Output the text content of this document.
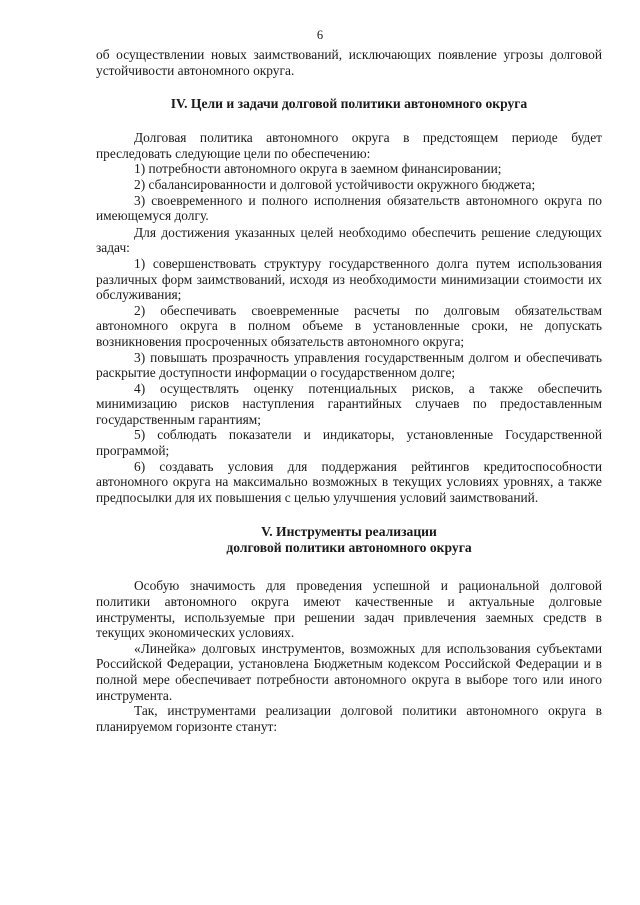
6

об осуществлении новых заимствований, исключающих появление угрозы долговой устойчивости автономного округа.

IV. Цели и задачи долговой политики автономного округа

Долговая политика автономного округа в предстоящем периоде будет преследовать следующие цели по обеспечению:

1) потребности автономного округа в заемном финансировании;

2) сбалансированности и долговой устойчивости окружного бюджета;

3) своевременного и полного исполнения обязательств автономного округа по имеющемуся долгу.

Для достижения указанных целей необходимо обеспечить решение следующих задач:

1) совершенствовать структуру государственного долга путем использования различных форм заимствований, исходя из необходимости минимизации стоимости их обслуживания;

2) обеспечивать своевременные расчеты по долговым обязательствам автономного округа в полном объеме в установленные сроки, не допускать возникновения просроченных обязательств автономного округа;

3) повышать прозрачность управления государственным долгом и обеспечивать раскрытие доступности информации о государственном долге;

4) осуществлять оценку потенциальных рисков, а также обеспечить минимизацию рисков наступления гарантийных случаев по предоставленным государственным гарантиям;

5) соблюдать показатели и индикаторы, установленные Государственной программой;

6) создавать условия для поддержания рейтингов кредитоспособности автономного округа на максимально возможных в текущих условиях уровнях, а также предпосылки для их повышения с целью улучшения условий заимствований.

V. Инструменты реализации
долговой политики автономного округа

Особую значимость для проведения успешной и рациональной долговой политики автономного округа имеют качественные и актуальные долговые инструменты, используемые при решении задач привлечения заемных средств в текущих экономических условиях.

«Линейка» долговых инструментов, возможных для использования субъектами Российской Федерации, установлена Бюджетным кодексом Российской Федерации и в полной мере обеспечивает потребности автономного округа в выборе того или иного инструмента.

Так, инструментами реализации долговой политики автономного округа в планируемом горизонте станут:
